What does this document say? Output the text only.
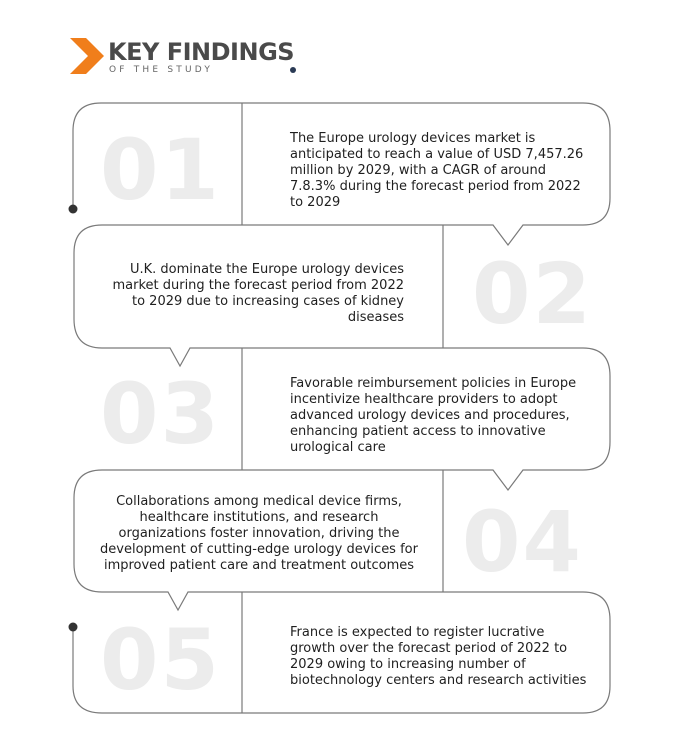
KEY FINDINGS
OF THE STUDY
01
02
03
04
05
The Europe urology devices market is anticipated to reach a value of USD 7,457.26 million by 2029, with a CAGR of around 7.8.3% during the forecast period from 2022 to 2029
U.K. dominate the Europe urology devices market during the forecast period from 2022 to 2029 due to increasing cases of kidney diseases
Favorable reimbursement policies in Europe incentivize healthcare providers to adopt advanced urology devices and procedures, enhancing patient access to innovative urological care
Collaborations among medical device firms, healthcare institutions, and research organizations foster innovation, driving the development of cutting-edge urology devices for improved patient care and treatment outcomes
France is expected to register lucrative growth over the forecast period of 2022 to 2029 owing to increasing number of biotechnology centers and research activities
